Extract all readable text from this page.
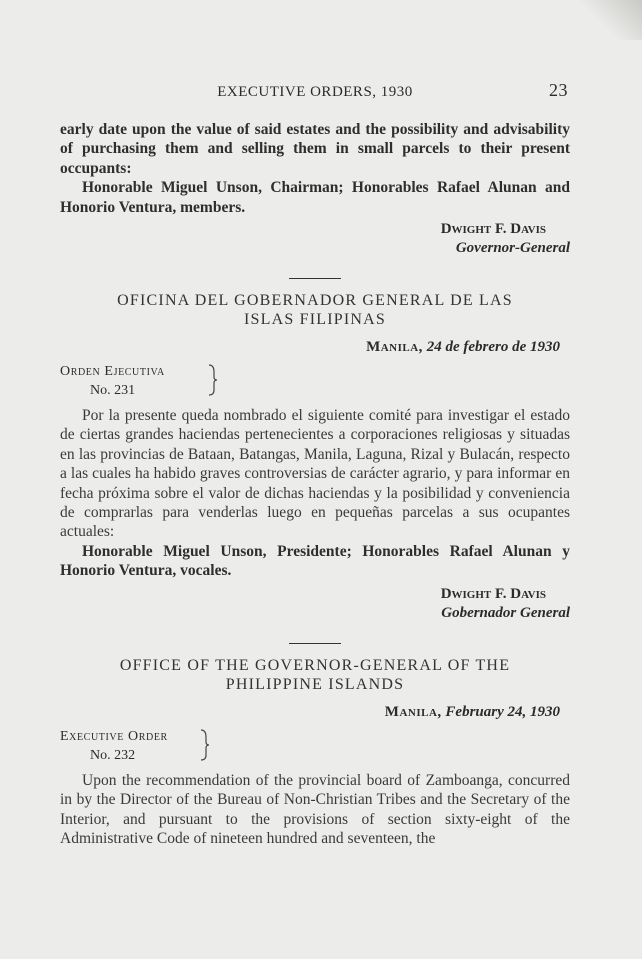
EXECUTIVE ORDERS, 1930	23

early date upon the value of said estates and the possibility and advisability of purchasing them and selling them in small parcels to their present occupants:

Honorable Miguel Unson, Chairman; Honorables Rafael Alunan and Honorio Ventura, members.

Dwight F. Davis
Governor-General
OFICINA DEL GOBERNADOR GENERAL DE LAS
ISLAS FILIPINAS
Manila, 24 de febrero de 1930
Orden Ejecutiva
No. 231

Por la presente queda nombrado el siguiente comité para investigar el estado de ciertas grandes haciendas pertenecientes a corporaciones religiosas y situadas en las provincias de Bataan, Batangas, Manila, Laguna, Rizal y Bulacán, respecto a las cuales ha habido graves controversias de carácter agrario, y para informar en fecha próxima sobre el valor de dichas haciendas y la posibilidad y conveniencia de comprarlas para venderlas luego en pequeñas parcelas a sus ocupantes actuales:

Honorable Miguel Unson, Presidente; Honorables Rafael Alunan y Honorio Ventura, vocales.

Dwight F. Davis
Gobernador General
OFFICE OF THE GOVERNOR-GENERAL OF THE
PHILIPPINE ISLANDS
Manila, February 24, 1930
Executive Order
No. 232

Upon the recommendation of the provincial board of Zamboanga, concurred in by the Director of the Bureau of Non-Christian Tribes and the Secretary of the Interior, and pursuant to the provisions of section sixty-eight of the Administrative Code of nineteen hundred and seventeen, the
